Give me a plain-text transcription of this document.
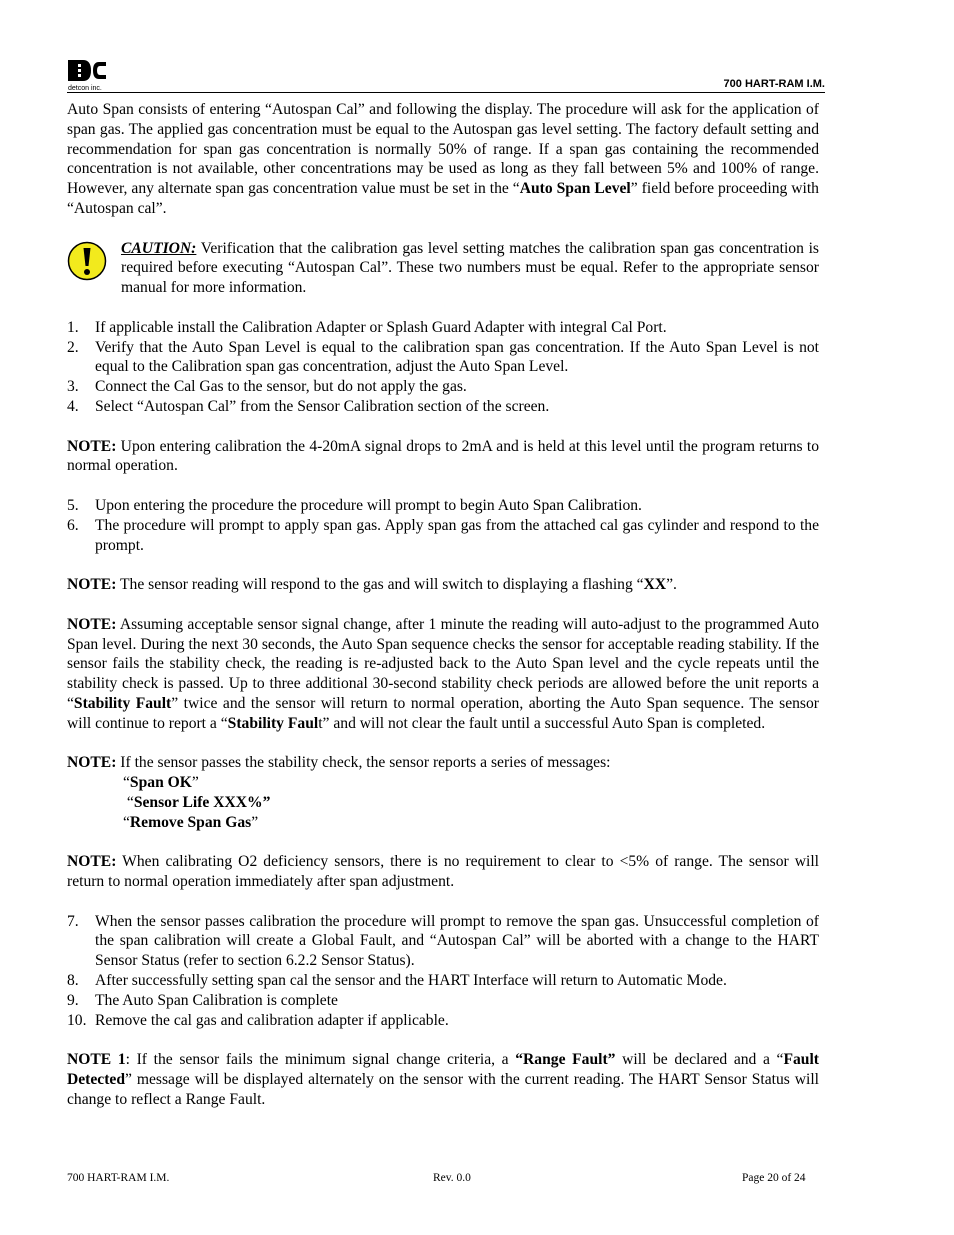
detcon inc.	700 HART-RAM I.M.

Auto Span consists of entering “Autospan Cal” and following the display. The procedure will ask for the application of span gas. The applied gas concentration must be equal to the Autospan gas level setting. The factory default setting and recommendation for span gas concentration is normally 50% of range. If a span gas containing the recommended concentration is not available, other concentrations may be used as long as they fall between 5% and 100% of range. However, any alternate span gas concentration value must be set in the “Auto Span Level” field before proceeding with “Autospan cal”.

CAUTION: Verification that the calibration gas level setting matches the calibration span gas concentration is required before executing “Autospan Cal”. These two numbers must be equal. Refer to the appropriate sensor manual for more information.

1. If applicable install the Calibration Adapter or Splash Guard Adapter with integral Cal Port.
2. Verify that the Auto Span Level is equal to the calibration span gas concentration. If the Auto Span Level is not equal to the Calibration span gas concentration, adjust the Auto Span Level.
3. Connect the Cal Gas to the sensor, but do not apply the gas.
4. Select “Autospan Cal” from the Sensor Calibration section of the screen.

NOTE: Upon entering calibration the 4-20mA signal drops to 2mA and is held at this level until the program returns to normal operation.

5. Upon entering the procedure the procedure will prompt to begin Auto Span Calibration.
6. The procedure will prompt to apply span gas. Apply span gas from the attached cal gas cylinder and respond to the prompt.

NOTE: The sensor reading will respond to the gas and will switch to displaying a flashing “XX”.

NOTE: Assuming acceptable sensor signal change, after 1 minute the reading will auto-adjust to the programmed Auto Span level. During the next 30 seconds, the Auto Span sequence checks the sensor for acceptable reading stability. If the sensor fails the stability check, the reading is re-adjusted back to the Auto Span level and the cycle repeats until the stability check is passed. Up to three additional 30-second stability check periods are allowed before the unit reports a “Stability Fault” twice and the sensor will return to normal operation, aborting the Auto Span sequence. The sensor will continue to report a “Stability Fault” and will not clear the fault until a successful Auto Span is completed.

NOTE: If the sensor passes the stability check, the sensor reports a series of messages:

“Span OK”
“Sensor Life XXX%”
“Remove Span Gas”

NOTE: When calibrating O2 deficiency sensors, there is no requirement to clear to <5% of range. The sensor will return to normal operation immediately after span adjustment.

7. When the sensor passes calibration the procedure will prompt to remove the span gas. Unsuccessful completion of the span calibration will create a Global Fault, and “Autospan Cal” will be aborted with a change to the HART Sensor Status (refer to section 6.2.2 Sensor Status).
8. After successfully setting span cal the sensor and the HART Interface will return to Automatic Mode.
9. The Auto Span Calibration is complete
10. Remove the cal gas and calibration adapter if applicable.

NOTE 1: If the sensor fails the minimum signal change criteria, a “Range Fault” will be declared and a “Fault Detected” message will be displayed alternately on the sensor with the current reading. The HART Sensor Status will change to reflect a Range Fault.

700 HART-RAM I.M.	Rev. 0.0	Page 20 of 24
